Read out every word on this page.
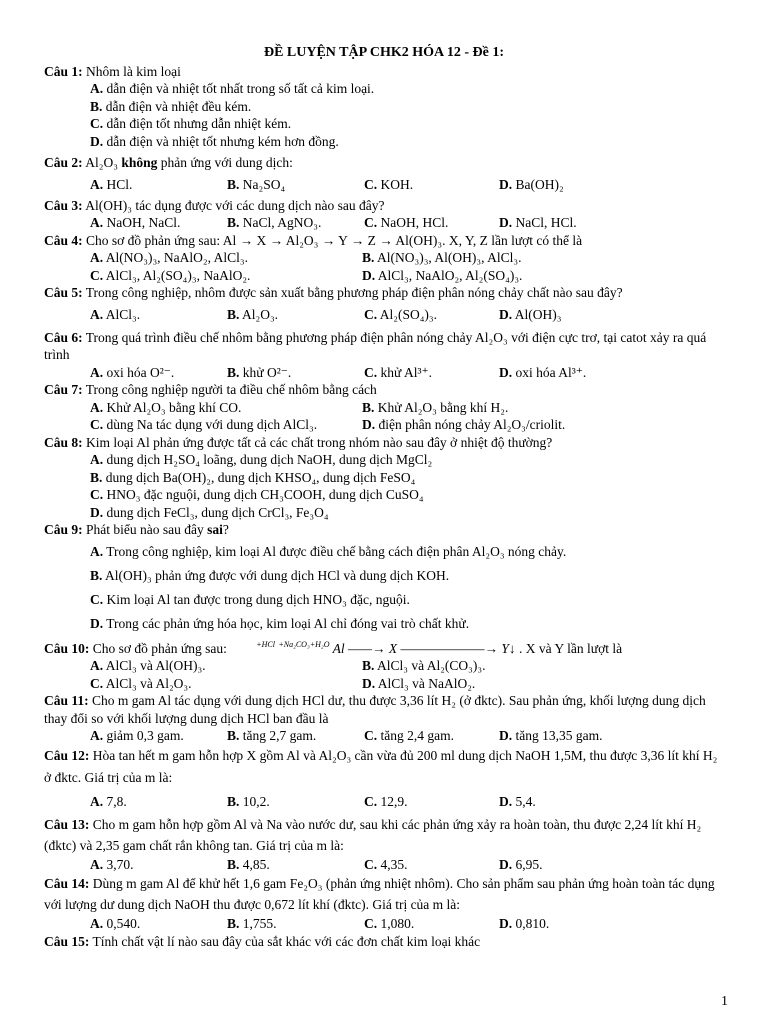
ĐỀ LUYỆN TẬP CHK2 HÓA 12 - Đề 1:

Câu 1: Nhôm là kim loại

A. dẫn điện và nhiệt tốt nhất trong số tất cả kim loại.
B. dẫn điện và nhiệt đều kém.
C. dẫn điện tốt nhưng dẫn nhiệt kém.
D. dẫn điện và nhiệt tốt nhưng kém hơn đồng.

Câu 2: Al₂O₃ không phản ứng với dung dịch:

A. HCl.	B. Na₂SO₄	C. KOH.	D. Ba(OH)₂

Câu 3: Al(OH)₃ tác dụng được với các dung dịch nào sau đây?

A. NaOH, NaCl.	B. NaCl, AgNO₃.	C. NaOH, HCl.	D. NaCl, HCl.

Câu 4: Cho sơ đồ phản ứng sau: Al → X → Al₂O₃ → Y → Z → Al(OH)₃. X, Y, Z lần lượt có thể là

A. Al(NO₃)₃, NaAlO₂, AlCl₃.	B. Al(NO₃)₃, Al(OH)₃, AlCl₃.
C. AlCl₃, Al₂(SO₄)₃, NaAlO₂.	D. AlCl₃, NaAlO₂, Al₂(SO₄)₃.

Câu 5: Trong công nghiệp, nhôm được sản xuất bằng phương pháp điện phân nóng chảy chất nào sau đây?

A. AlCl₃.	B. Al₂O₃.	C. Al₂(SO₄)₃.	D. Al(OH)₃

Câu 6: Trong quá trình điều chế nhôm bằng phương pháp điện phân nóng chảy Al₂O₃ với điện cực trơ, tại catot xảy ra quá trình

A. oxi hóa O²⁻.	B. khử O²⁻.	C. khử Al³⁺.	D. oxi hóa Al³⁺.

Câu 7: Trong công nghiệp người ta điều chế nhôm bằng cách

A. Khử Al₂O₃ bằng khí CO.	B. Khử Al₂O₃ bằng khí H₂.
C. dùng Na tác dụng với dung dịch AlCl₃.	D. điện phân nóng chảy Al₂O₃/criolit.

Câu 8: Kim loại Al phản ứng được tất cả các chất trong nhóm nào sau đây ở nhiệt độ thường?

A. dung dịch H₂SO₄ loãng, dung dịch NaOH, dung dịch MgCl₂
B. dung dịch Ba(OH)₂, dung dịch KHSO₄, dung dịch FeSO₄
C. HNO₃ đặc nguội, dung dịch CH₃COOH, dung dịch CuSO₄
D. dung dịch FeCl₃, dung dịch CrCl₃, Fe₃O₄

Câu 9: Phát biểu nào sau đây sai?

A. Trong công nghiệp, kim loại Al được điều chế bằng cách điện phân Al₂O₃ nóng chảy.
B. Al(OH)₃ phản ứng được với dung dịch HCl và dung dịch KOH.
C. Kim loại Al tan được trong dung dịch HNO₃ đặc, nguội.
D. Trong các phản ứng hóa học, kim loại Al chỉ đóng vai trò chất khử.

Câu 10: Cho sơ đồ phản ứng sau:	$^{+HCl}$ $^{+Na_2CO_3+H_2O}$ Al ——→ X ———————→ Y↓ . X và Y lần lượt là

A. AlCl₃ và Al(OH)₃.	B. AlCl₃ và Al₂(CO₃)₃.
C. AlCl₃ và Al₂O₃.	D. AlCl₃ và NaAlO₂.

Câu 11: Cho m gam Al tác dụng với dung dịch HCl dư, thu được 3,36 lít H₂ (ở đktc). Sau phản ứng, khối lượng dung dịch thay đổi so với khối lượng dung dịch HCl ban đầu là

A. giảm 0,3 gam.	B. tăng 2,7 gam.	C. tăng 2,4 gam.	D. tăng 13,35 gam.

Câu 12: Hòa tan hết m gam hỗn hợp X gồm Al và Al₂O₃ cần vừa đủ 200 ml dung dịch NaOH 1,5M, thu được 3,36 lít khí H₂ ở đktc. Giá trị của m là:

A. 7,8.	B. 10,2.	C. 12,9.	D. 5,4.

Câu 13: Cho m gam hỗn hợp gồm Al và Na vào nước dư, sau khi các phản ứng xảy ra hoàn toàn, thu được 2,24 lít khí H₂ (đktc) và 2,35 gam chất rắn không tan. Giá trị của m là:

A. 3,70.	B. 4,85.	C. 4,35.	D. 6,95.

Câu 14: Dùng m gam Al để khử hết 1,6 gam Fe₂O₃ (phản ứng nhiệt nhôm). Cho sản phẩm sau phản ứng hoàn toàn tác dụng với lượng dư dung dịch NaOH thu được 0,672 lít khí (đktc). Giá trị của m là:

A. 0,540.	B. 1,755.	C. 1,080.	D. 0,810.

Câu 15: Tính chất vật lí nào sau đây của sắt khác với các đơn chất kim loại khác

1
